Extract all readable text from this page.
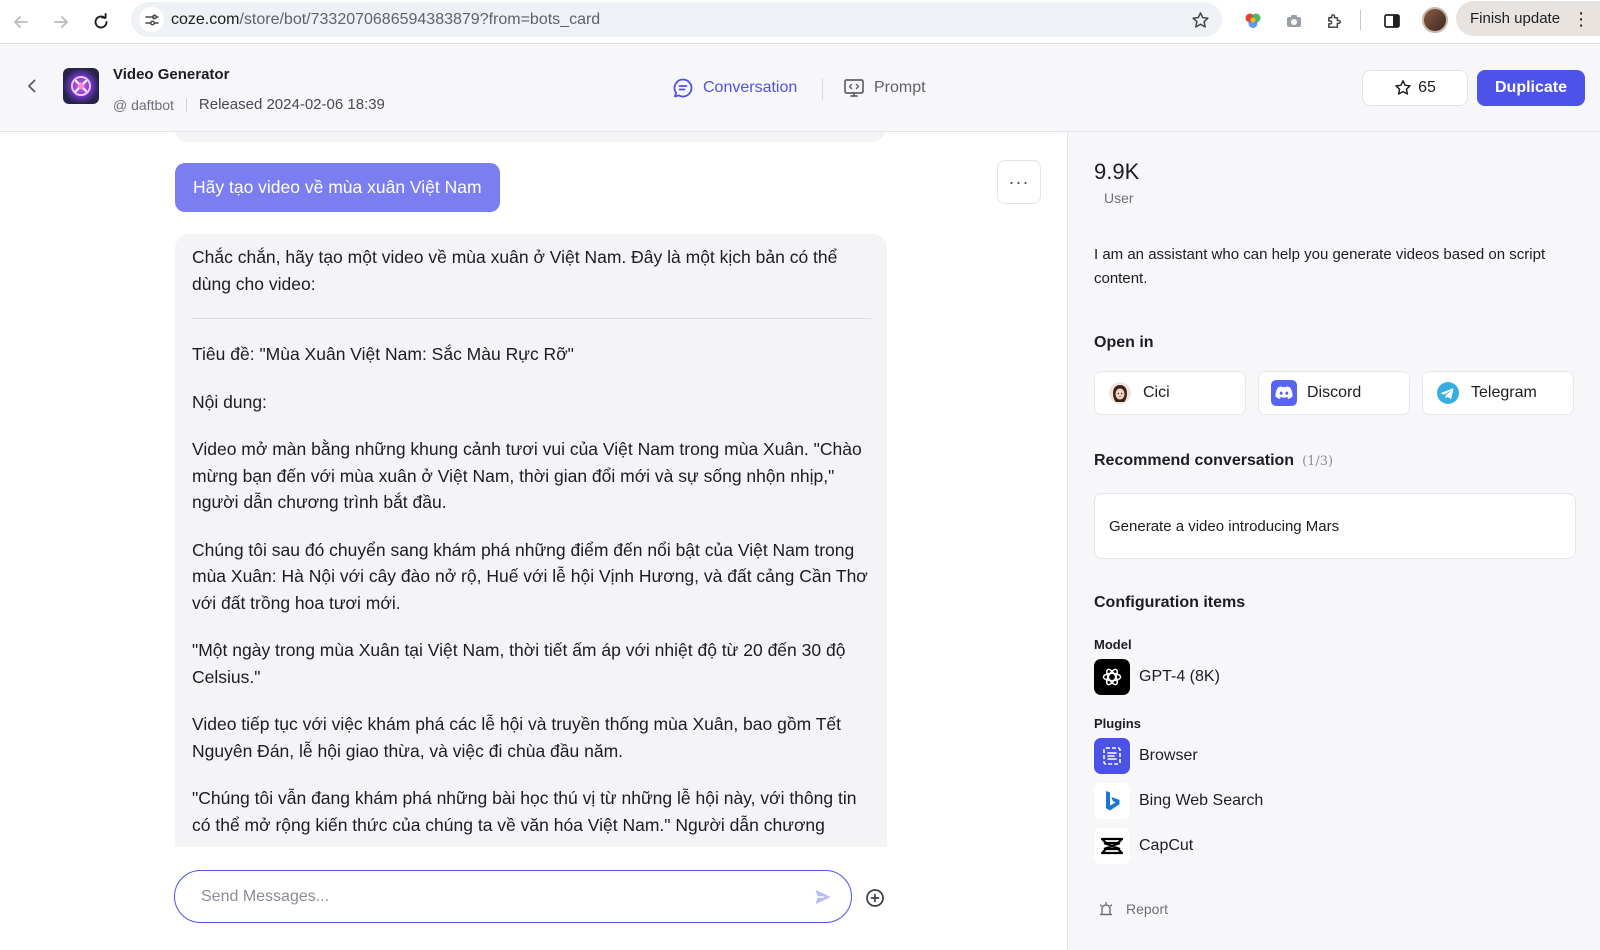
coze.com/store/bot/7332070686594383879?from=bots_card	Finish update ⋮
Video Generator
@ daftbot Released 2024-02-06 18:39
Conversation	Prompt	65	Duplicate
Hãy tạo video về mùa xuân Việt Nam	···
Chắc chắn, hãy tạo một video về mùa xuân ở Việt Nam. Đây là một kịch bản có thể dùng cho video:

Tiêu đề: "Mùa Xuân Việt Nam: Sắc Màu Rực Rỡ"

Nội dung:

Video mở màn bằng những khung cảnh tươi vui của Việt Nam trong mùa Xuân. "Chào mừng bạn đến với mùa xuân ở Việt Nam, thời gian đổi mới và sự sống nhộn nhịp," người dẫn chương trình bắt đầu.

Chúng tôi sau đó chuyển sang khám phá những điểm đến nổi bật của Việt Nam trong mùa Xuân: Hà Nội với cây đào nở rộ, Huế với lễ hội Vịnh Hương, và đất cảng Cần Thơ với đất trồng hoa tươi mới.

"Một ngày trong mùa Xuân tại Việt Nam, thời tiết ấm áp với nhiệt độ từ 20 đến 30 độ Celsius."

Video tiếp tục với việc khám phá các lễ hội và truyền thống mùa Xuân, bao gồm Tết Nguyên Đán, lễ hội giao thừa, và việc đi chùa đầu năm.

"Chúng tôi vẫn đang khám phá những bài học thú vị từ những lễ hội này, với thông tin có thể mở rộng kiến thức của chúng ta về văn hóa Việt Nam." Người dẫn chương

Send Messages...
9.9K
User
I am an assistant who can help you generate videos based on script content.
Open in
Cici	Discord	Telegram
Recommend conversation (1/3)
Generate a video introducing Mars
Configuration items
Model
GPT-4 (8K)
Plugins
Browser
Bing Web Search
CapCut
Report
